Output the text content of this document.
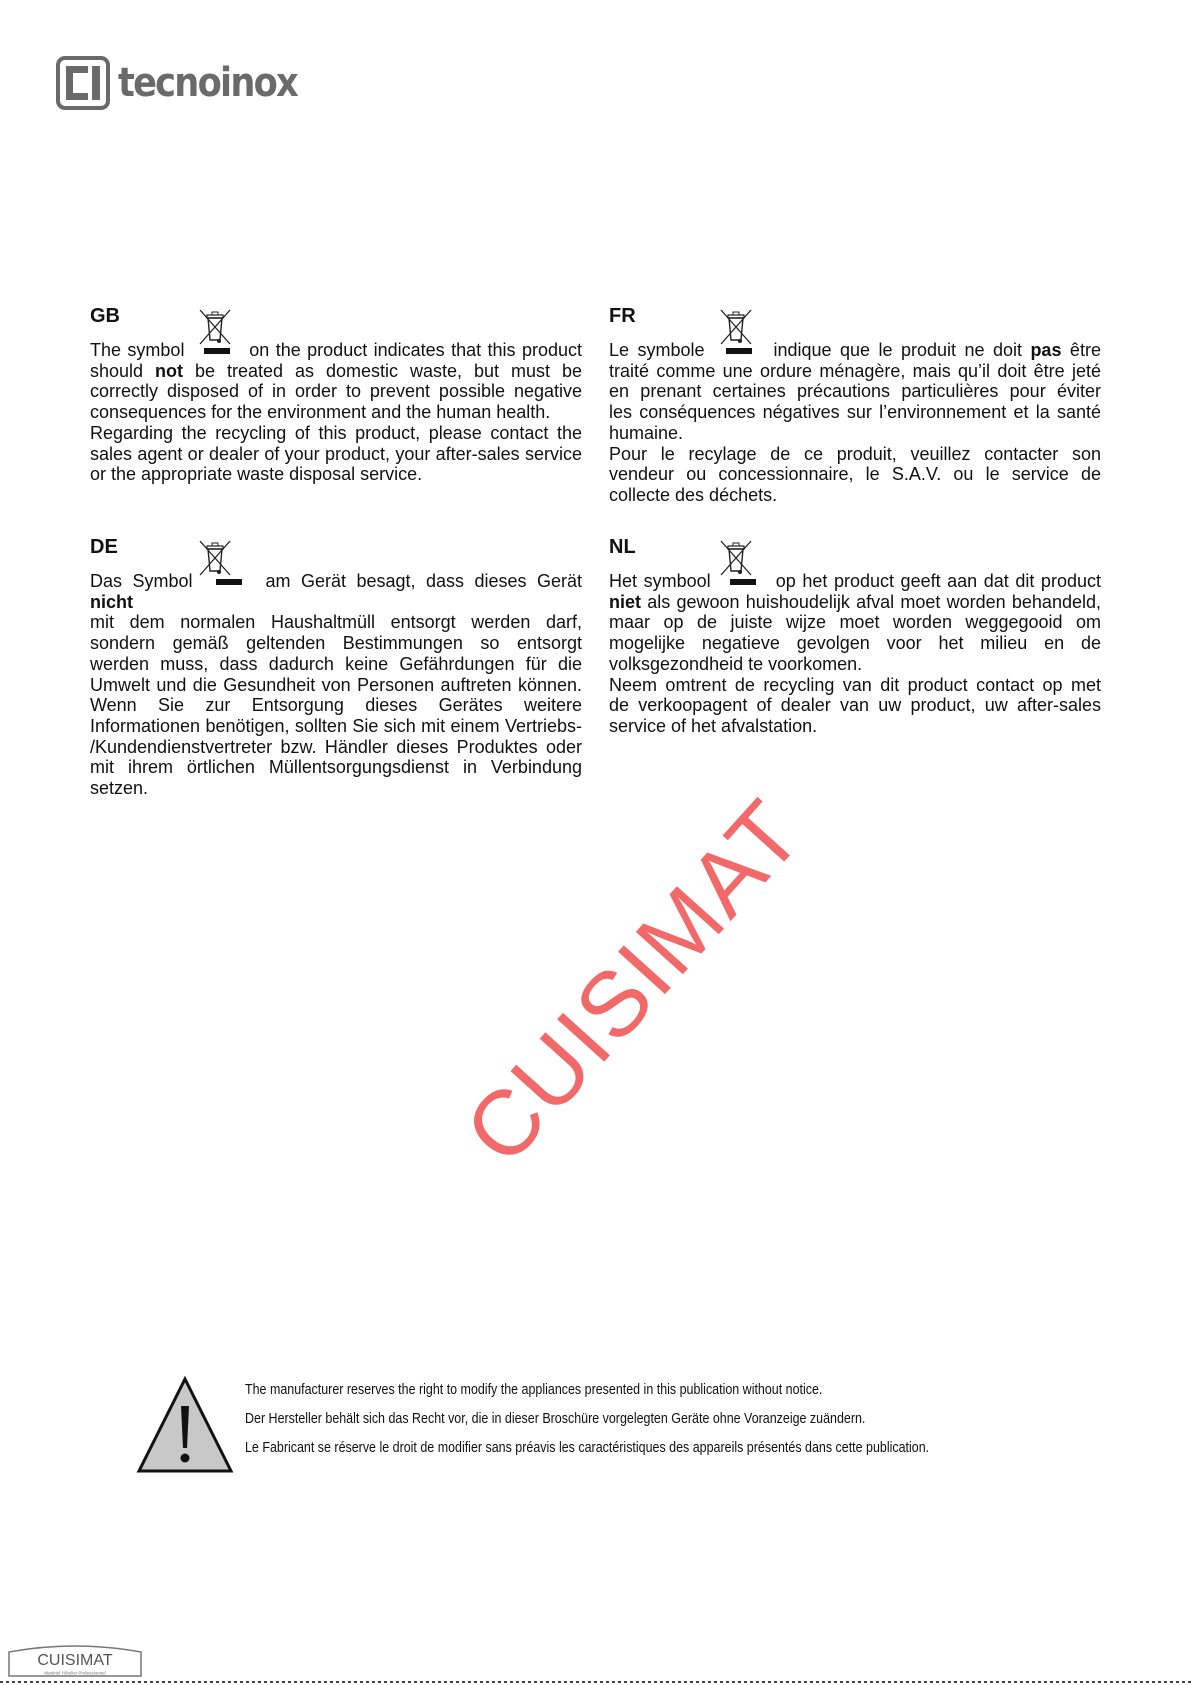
tecnoinox
GB
The symbol	on the product indicates that this product
should not be treated as domestic waste, but must be
correctly disposed of in order to prevent possible negative
consequences for the environment and the human health.
Regarding the recycling of this product, please contact the
sales agent or dealer of your product, your after-sales service
or the appropriate waste disposal service.
FR
Le symbole	indique que le produit ne doit pas être
traité comme une ordure ménagère, mais qu’il doit être jeté
en prenant certaines précautions particulières pour éviter
les conséquences négatives sur l’environnement et la santé
humaine.
Pour le recylage de ce produit, veuillez contacter son
vendeur ou concessionnaire, le S.A.V. ou le service de
collecte des déchets.
DE
Das Symbol	am Gerät besagt, dass dieses Gerät nicht
mit dem normalen Haushaltmüll entsorgt werden darf,
sondern gemäß geltenden Bestimmungen so entsorgt
werden muss, dass dadurch keine Gefährdungen für die
Umwelt und die Gesundheit von Personen auftreten können.
Wenn Sie zur Entsorgung dieses Gerätes weitere
Informationen benötigen, sollten Sie sich mit einem Vertriebs-
/Kundendienstvertreter bzw. Händler dieses Produktes oder
mit ihrem örtlichen Müllentsorgungsdienst in Verbindung
setzen.
NL
Het symbool	op het product geeft aan dat dit product
niet als gewoon huishoudelijk afval moet worden behandeld,
maar op de juiste wijze moet worden weggegooid om
mogelijke negatieve gevolgen voor het milieu en de
volksgezondheid te voorkomen.
Neem omtrent de recycling van dit product contact op met
de verkoopagent of dealer van uw product, uw after-sales
service of het afvalstation.
CUISIMAT
The manufacturer reserves the right to modify the appliances presented in this publication without notice.
Der Hersteller behält sich das Recht vor, die in dieser Broschüre vorgelegten Geräte ohne Voranzeige zuändern.
Le Fabricant se réserve le droit de modifier sans préavis les caractéristiques des appareils présentés dans cette publication.
CUISIMAT
Matériel Hôtelier Professionnel
